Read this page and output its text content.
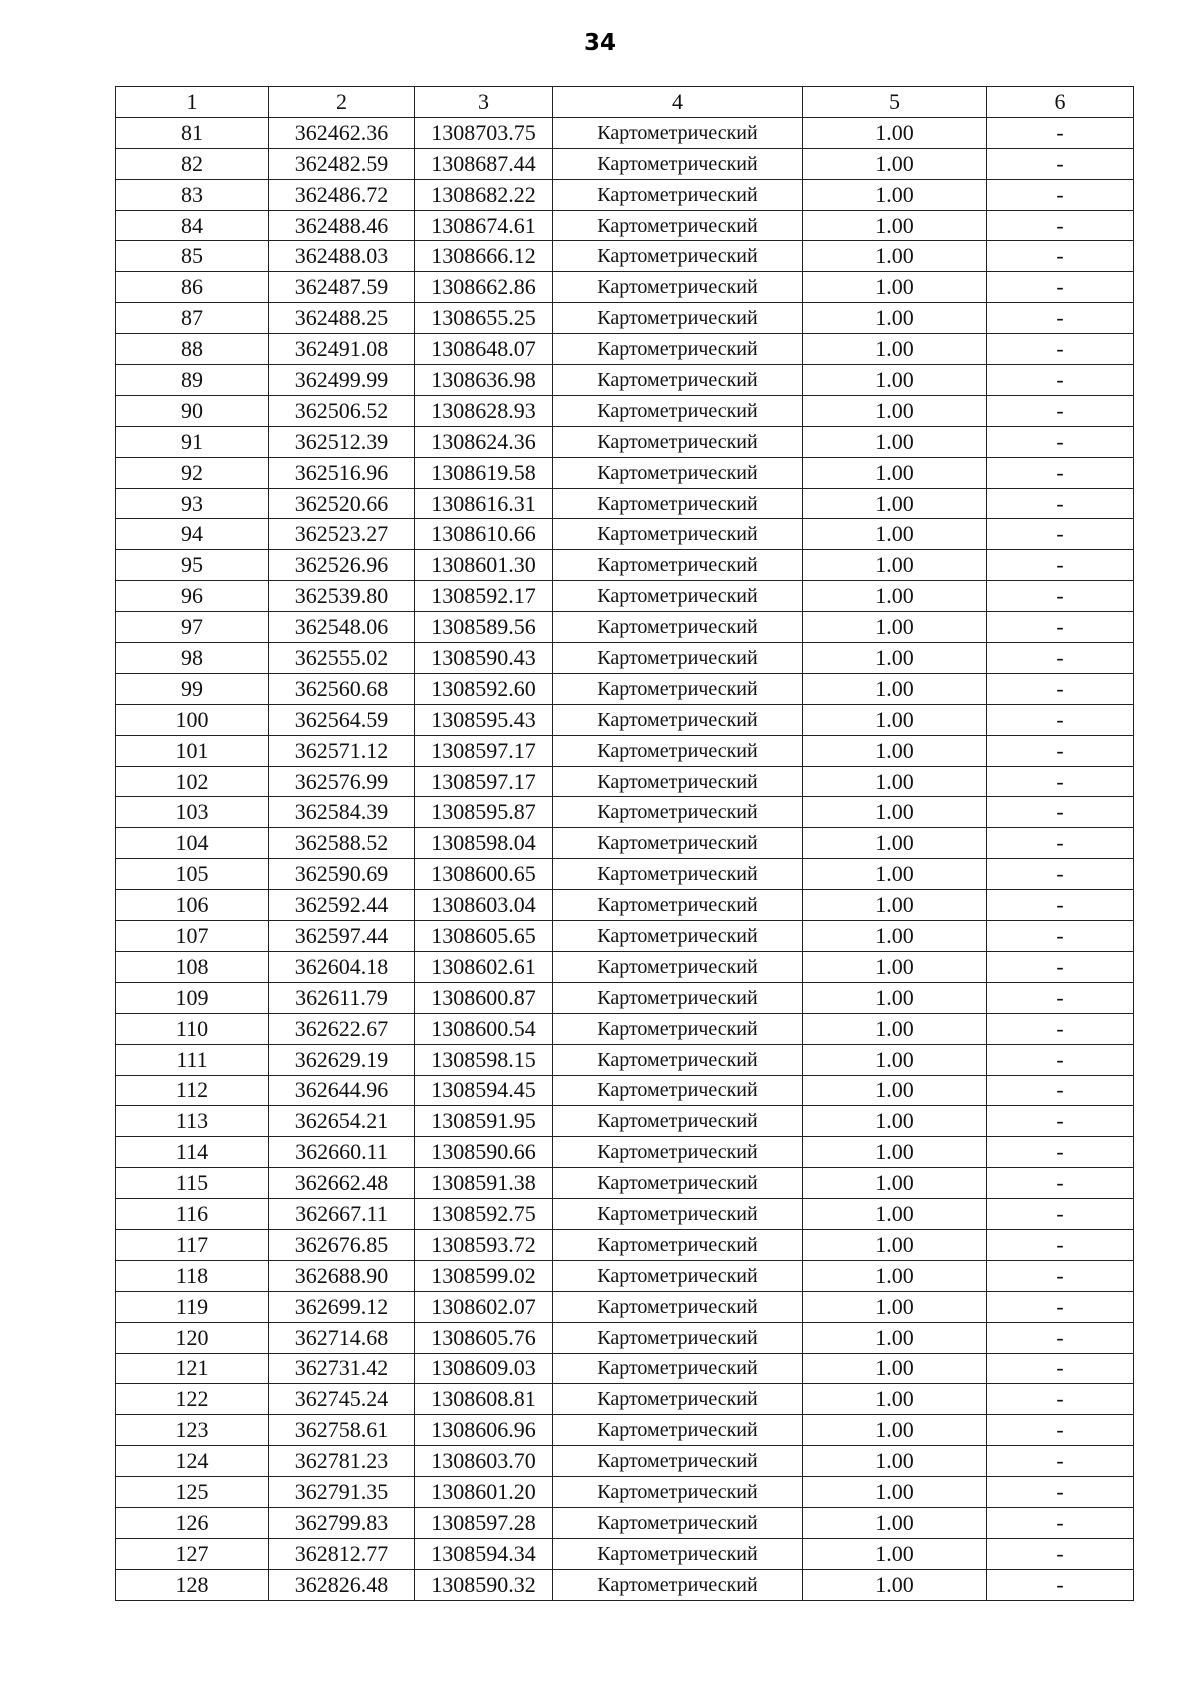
34
1	2	3	4	5	6
81	362462.36	1308703.75	Картометрический	1.00	-
82	362482.59	1308687.44	Картометрический	1.00	-
83	362486.72	1308682.22	Картометрический	1.00	-
84	362488.46	1308674.61	Картометрический	1.00	-
85	362488.03	1308666.12	Картометрический	1.00	-
86	362487.59	1308662.86	Картометрический	1.00	-
87	362488.25	1308655.25	Картометрический	1.00	-
88	362491.08	1308648.07	Картометрический	1.00	-
89	362499.99	1308636.98	Картометрический	1.00	-
90	362506.52	1308628.93	Картометрический	1.00	-
91	362512.39	1308624.36	Картометрический	1.00	-
92	362516.96	1308619.58	Картометрический	1.00	-
93	362520.66	1308616.31	Картометрический	1.00	-
94	362523.27	1308610.66	Картометрический	1.00	-
95	362526.96	1308601.30	Картометрический	1.00	-
96	362539.80	1308592.17	Картометрический	1.00	-
97	362548.06	1308589.56	Картометрический	1.00	-
98	362555.02	1308590.43	Картометрический	1.00	-
99	362560.68	1308592.60	Картометрический	1.00	-
100	362564.59	1308595.43	Картометрический	1.00	-
101	362571.12	1308597.17	Картометрический	1.00	-
102	362576.99	1308597.17	Картометрический	1.00	-
103	362584.39	1308595.87	Картометрический	1.00	-
104	362588.52	1308598.04	Картометрический	1.00	-
105	362590.69	1308600.65	Картометрический	1.00	-
106	362592.44	1308603.04	Картометрический	1.00	-
107	362597.44	1308605.65	Картометрический	1.00	-
108	362604.18	1308602.61	Картометрический	1.00	-
109	362611.79	1308600.87	Картометрический	1.00	-
110	362622.67	1308600.54	Картометрический	1.00	-
111	362629.19	1308598.15	Картометрический	1.00	-
112	362644.96	1308594.45	Картометрический	1.00	-
113	362654.21	1308591.95	Картометрический	1.00	-
114	362660.11	1308590.66	Картометрический	1.00	-
115	362662.48	1308591.38	Картометрический	1.00	-
116	362667.11	1308592.75	Картометрический	1.00	-
117	362676.85	1308593.72	Картометрический	1.00	-
118	362688.90	1308599.02	Картометрический	1.00	-
119	362699.12	1308602.07	Картометрический	1.00	-
120	362714.68	1308605.76	Картометрический	1.00	-
121	362731.42	1308609.03	Картометрический	1.00	-
122	362745.24	1308608.81	Картометрический	1.00	-
123	362758.61	1308606.96	Картометрический	1.00	-
124	362781.23	1308603.70	Картометрический	1.00	-
125	362791.35	1308601.20	Картометрический	1.00	-
126	362799.83	1308597.28	Картометрический	1.00	-
127	362812.77	1308594.34	Картометрический	1.00	-
128	362826.48	1308590.32	Картометрический	1.00	-
